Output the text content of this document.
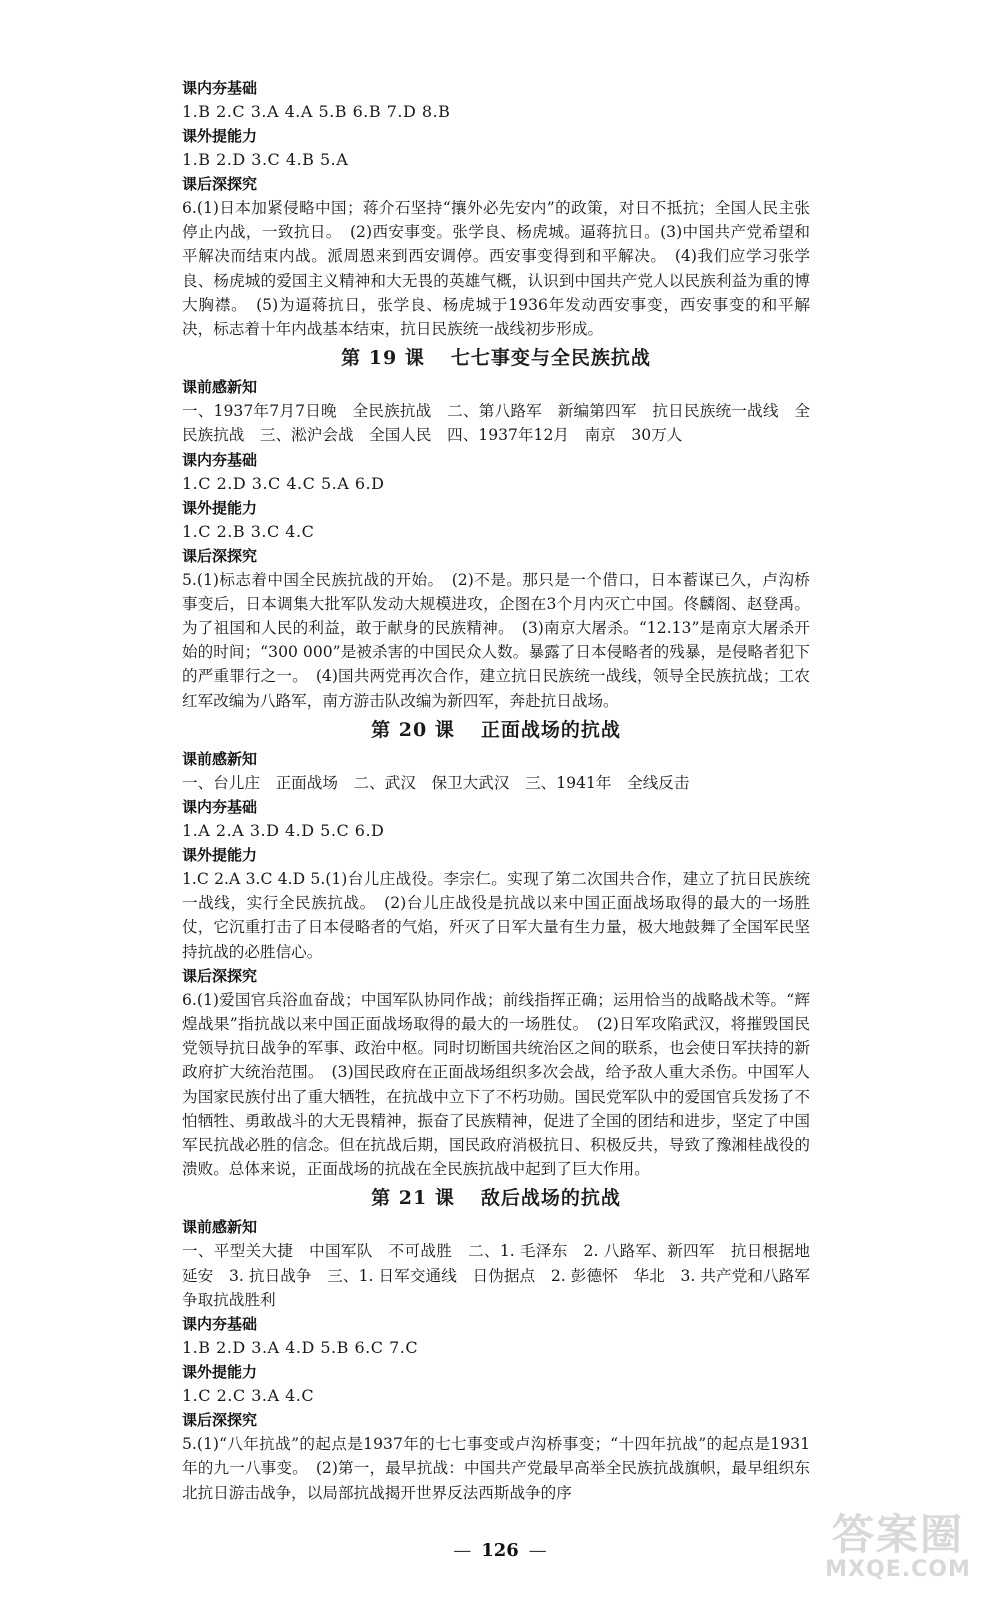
课内夯基础
1.B 2.C 3.A 4.A 5.B 6.B 7.D 8.B
课外提能力
1.B 2.D 3.C 4.B 5.A
课后深探究

6.(1)日本加紧侵略中国；蒋介石坚持“攘外必先安内”的政策，对日不抵抗；全国人民主张停止内战，一致抗日。　(2)西安事变。张学良、杨虎城。逼蒋抗日。(3)中国共产党希望和平解决而结束内战。派周恩来到西安调停。西安事变得到和平解决。　(4)我们应学习张学良、杨虎城的爱国主义精神和大无畏的英雄气概，认识到中国共产党人以民族利益为重的博大胸襟。　(5)为逼蒋抗日，张学良、杨虎城于1936年发动西安事变，西安事变的和平解决，标志着十年内战基本结束，抗日民族统一战线初步形成。

第 19 课 七七事变与全民族抗战
课前感新知

一、1937年7月7日晚　全民族抗战　二、第八路军　新编第四军　抗日民族统一战线　全民族抗战　三、淞沪会战　全国人民　四、1937年12月　南京　30万人

课内夯基础
1.C 2.D 3.C 4.C 5.A 6.D
课外提能力
1.C 2.B 3.C 4.C
课后深探究

5.(1)标志着中国全民族抗战的开始。　(2)不是。那只是一个借口，日本蓄谋已久，卢沟桥事变后，日本调集大批军队发动大规模进攻，企图在3个月内灭亡中国。佟麟阁、赵登禹。为了祖国和人民的利益，敢于献身的民族精神。　(3)南京大屠杀。“12.13”是南京大屠杀开始的时间；“300 000”是被杀害的中国民众人数。暴露了日本侵略者的残暴，是侵略者犯下的严重罪行之一。　(4)国共两党再次合作，建立抗日民族统一战线，领导全民族抗战；工农红军改编为八路军，南方游击队改编为新四军，奔赴抗日战场。

第 20 课 正面战场的抗战
课前感新知

一、台儿庄　正面战场　二、武汉　保卫大武汉　三、1941年　全线反击

课内夯基础
1.A 2.A 3.D 4.D 5.C 6.D
课外提能力

1.C 2.A 3.C 4.D 5.(1)台儿庄战役。李宗仁。实现了第二次国共合作，建立了抗日民族统一战线，实行全民族抗战。　(2)台儿庄战役是抗战以来中国正面战场取得的最大的一场胜仗，它沉重打击了日本侵略者的气焰，歼灭了日军大量有生力量，极大地鼓舞了全国军民坚持抗战的必胜信心。

课后深探究

6.(1)爱国官兵浴血奋战；中国军队协同作战；前线指挥正确；运用恰当的战略战术等。“辉煌战果”指抗战以来中国正面战场取得的最大的一场胜仗。　(2)日军攻陷武汉，将摧毁国民党领导抗日战争的军事、政治中枢。同时切断国共统治区之间的联系，也会使日军扶持的新政府扩大统治范围。　(3)国民政府在正面战场组织多次会战，给予敌人重大杀伤。中国军人为国家民族付出了重大牺牲，在抗战中立下了不朽功勋。国民党军队中的爱国官兵发扬了不怕牺牲、勇敢战斗的大无畏精神，振奋了民族精神，促进了全国的团结和进步，坚定了中国军民抗战必胜的信念。但在抗战后期，国民政府消极抗日、积极反共，导致了豫湘桂战役的溃败。总体来说，正面战场的抗战在全民族抗战中起到了巨大作用。

第 21 课 敌后战场的抗战
课前感新知

一、平型关大捷　中国军队　不可战胜　二、1. 毛泽东　2. 八路军、新四军　抗日根据地　延安　3. 抗日战争　三、1. 日军交通线　日伪据点　2. 彭德怀　华北　3. 共产党和八路军　争取抗战胜利

课内夯基础
1.B 2.D 3.A 4.D 5.B 6.C 7.C
课外提能力
1.C 2.C 3.A 4.C
课后深探究

5.(1)“八年抗战”的起点是1937年的七七事变或卢沟桥事变；“十四年抗战”的起点是1931年的九一八事变。　(2)第一，最早抗战：中国共产党最早高举全民族抗战旗帜，最早组织东北抗日游击战争，以局部抗战揭开世界反法西斯战争的序

— 126 —	答案圈
MXQE.COM
